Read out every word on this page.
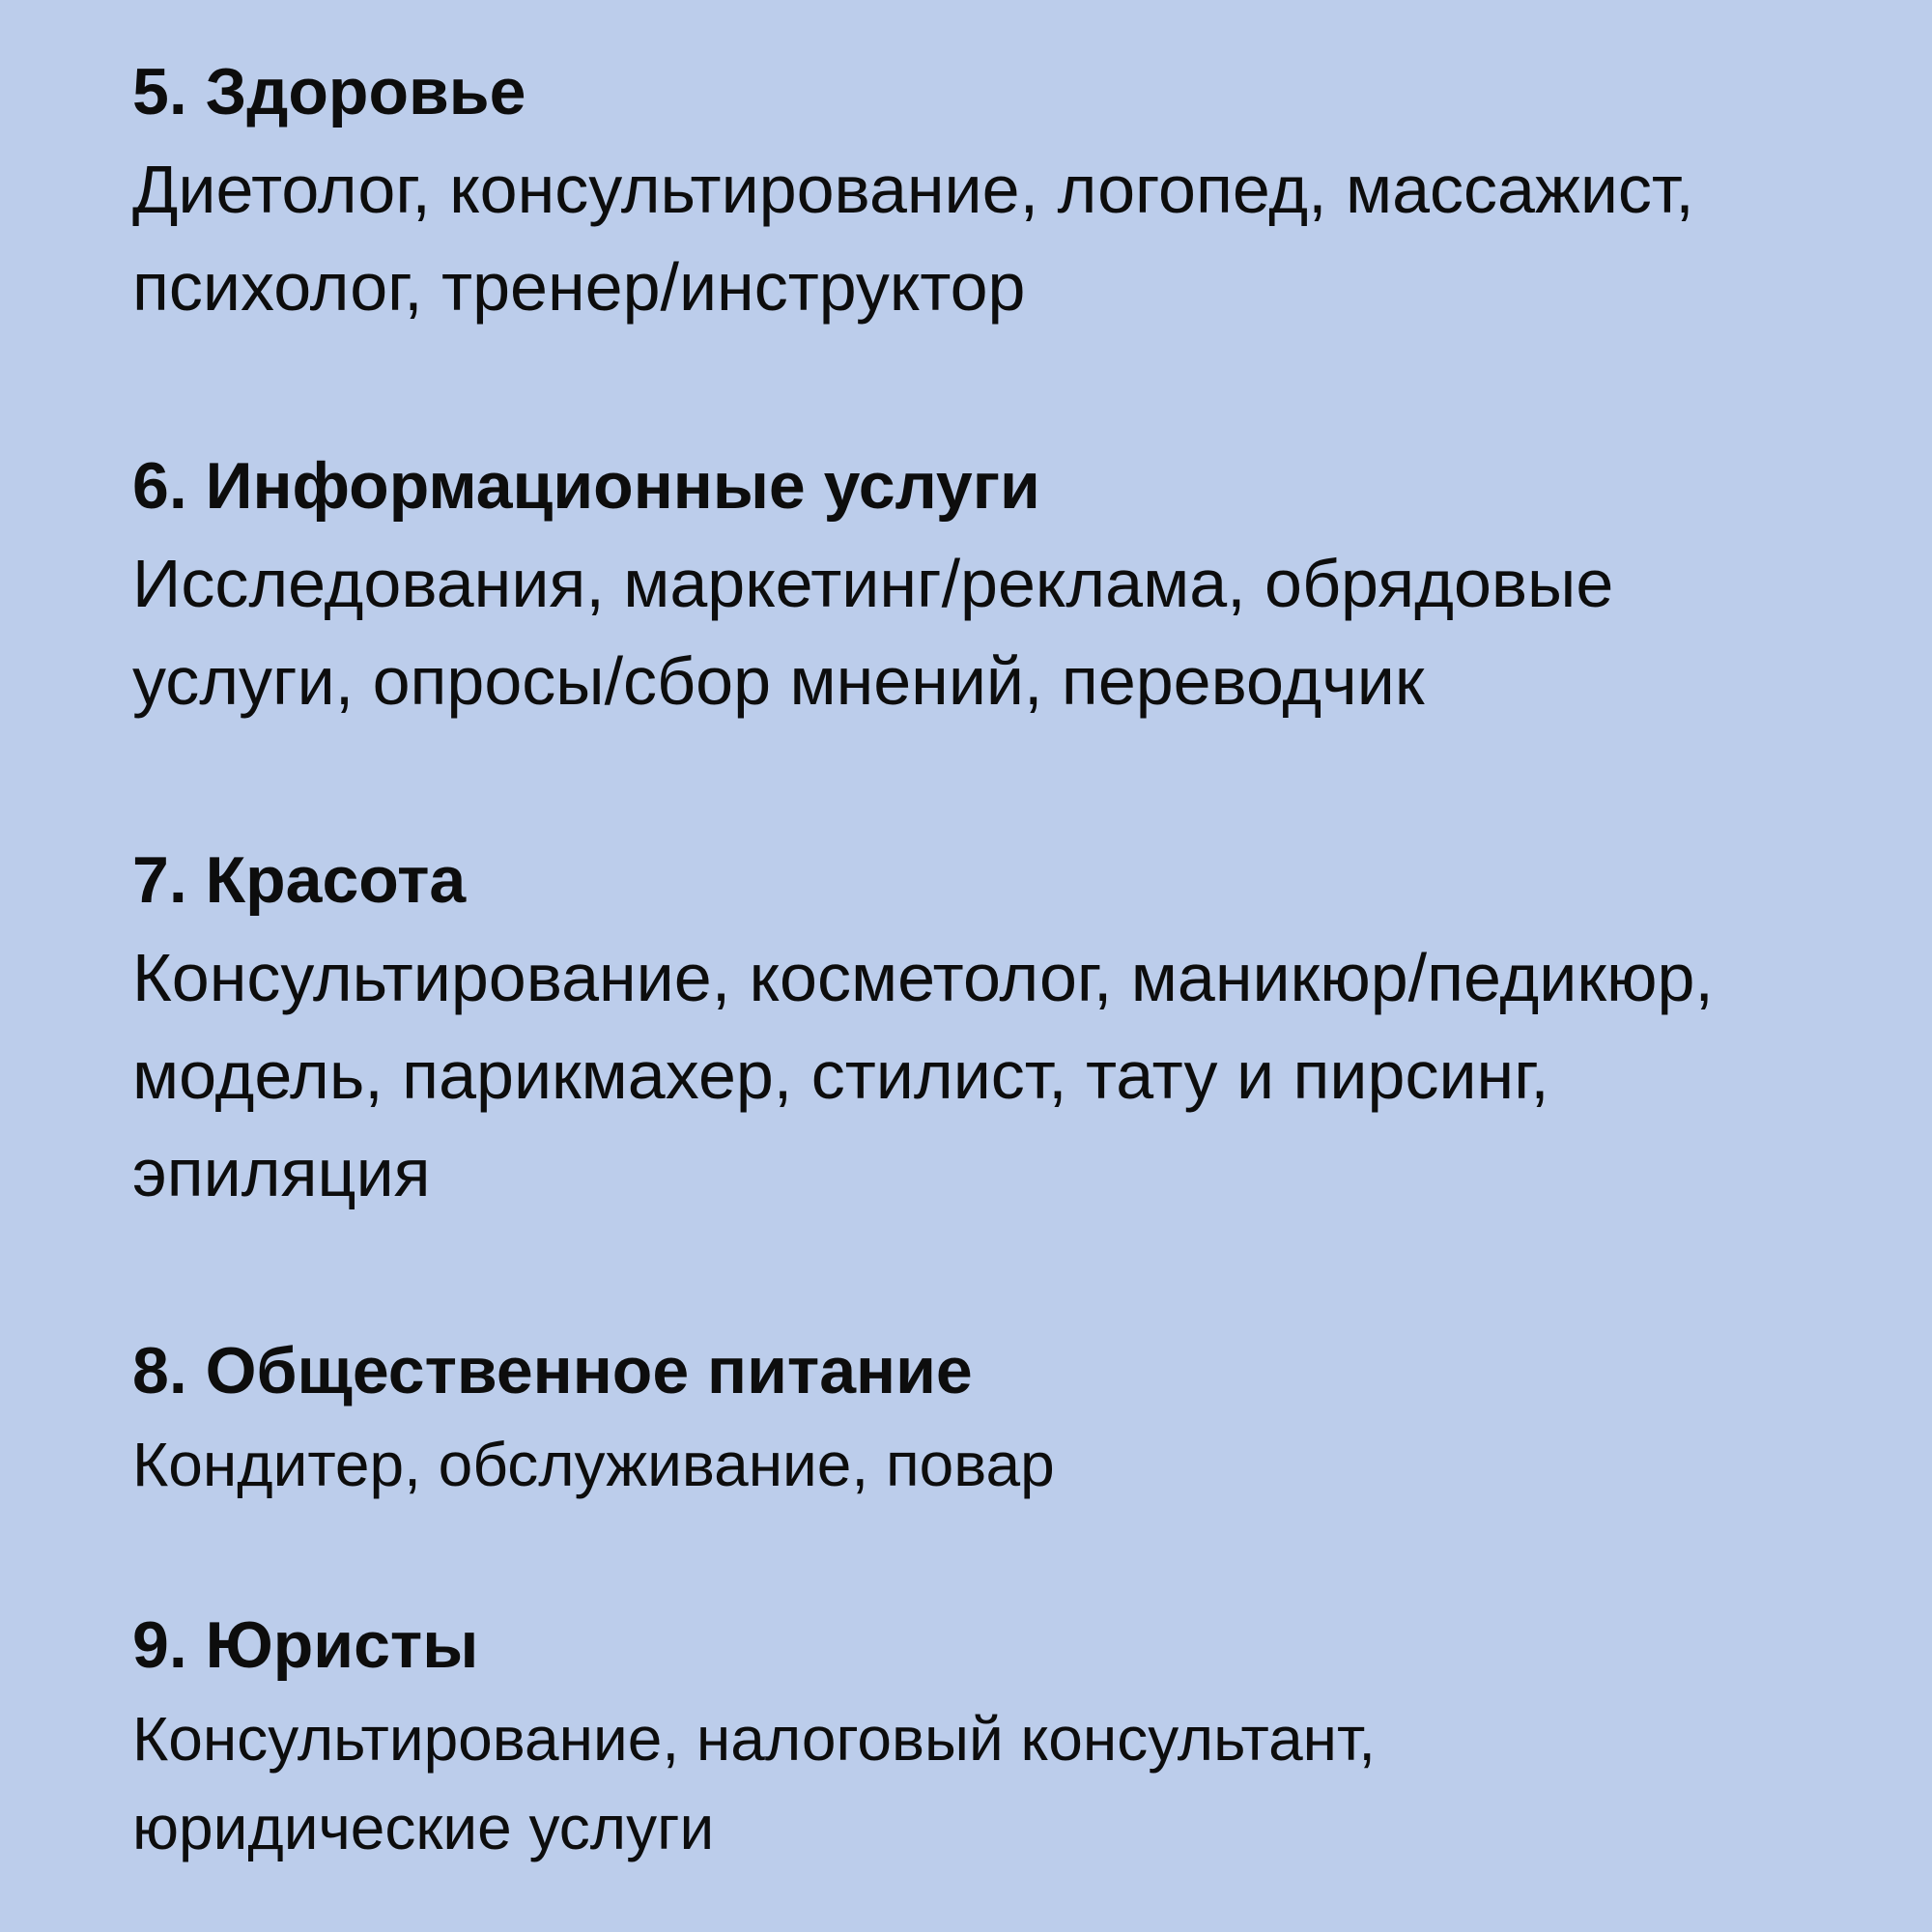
5. Здоровье
Диетолог, консультирование, логопед, массажист,
психолог, тренер/инструктор
6. Информационные услуги
Исследования, маркетинг/реклама, обрядовые
услуги, опросы/сбор мнений, переводчик
7. Красота
Консультирование, косметолог, маникюр/педикюр,
модель, парикмахер, стилист, тату и пирсинг,
эпиляция
8. Общественное питание
Кондитер, обслуживание, повар
9. Юристы
Консультирование, налоговый консультант,
юридические услуги
